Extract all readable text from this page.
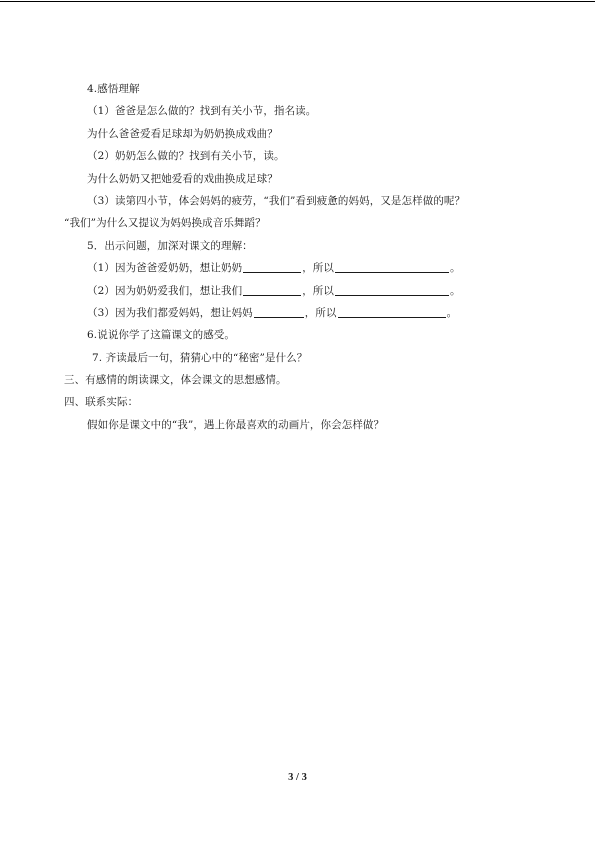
4.感悟理解
（1）爸爸是怎么做的？找到有关小节，指名读。
为什么爸爸爱看足球却为奶奶换成戏曲？
（2）奶奶怎么做的？找到有关小节，读。
为什么奶奶又把她爱看的戏曲换成足球？
（3）读第四小节，体会妈妈的疲劳，“我们”看到疲惫的妈妈，又是怎样做的呢？
“我们”为什么又提议为妈妈换成音乐舞蹈？
5．出示问题，加深对课文的理解：
（1）因为爸爸爱奶奶，想让奶奶	，所以	。
（2）因为奶奶爱我们，想让我们	，所以	。
（3）因为我们都爱妈妈，想让妈妈	，所以	。
6.说说你学了这篇课文的感受。
7. 齐读最后一句，猜猜心中的“秘密”是什么？
三、有感情的朗读课文，体会课文的思想感情。
四、联系实际：
假如你是课文中的“我”，遇上你最喜欢的动画片，你会怎样做？
3 / 3
